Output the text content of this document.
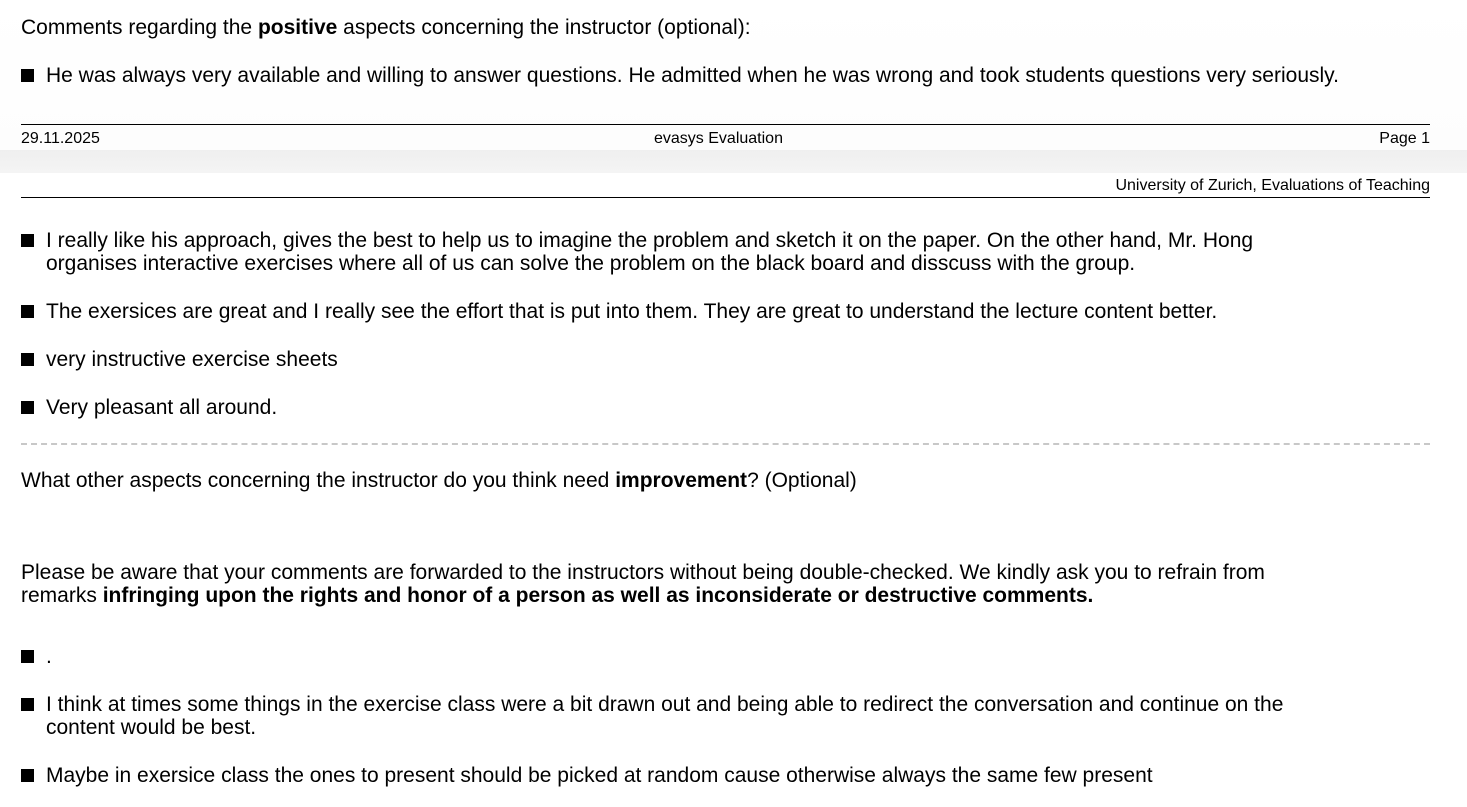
Comments regarding the positive aspects concerning the instructor (optional):
He was always very available and willing to answer questions. He admitted when he was wrong and took students questions very seriously.
29.11.2025	evasys Evaluation	Page 1
University of Zurich, Evaluations of Teaching
I really like his approach, gives the best to help us to imagine the problem and sketch it on the paper. On the other hand, Mr. Hong
organises interactive exercises where all of us can solve the problem on the black board and disscuss with the group.
The exersices are great and I really see the effort that is put into them. They are great to understand the lecture content better.
very instructive exercise sheets
Very pleasant all around.
What other aspects concerning the instructor do you think need improvement? (Optional)
Please be aware that your comments are forwarded to the instructors without being double-checked. We kindly ask you to refrain from
remarks infringing upon the rights and honor of a person as well as inconsiderate or destructive comments.
.
I think at times some things in the exercise class were a bit drawn out and being able to redirect the conversation and continue on the
content would be best.
Maybe in exersice class the ones to present should be picked at random cause otherwise always the same few present
